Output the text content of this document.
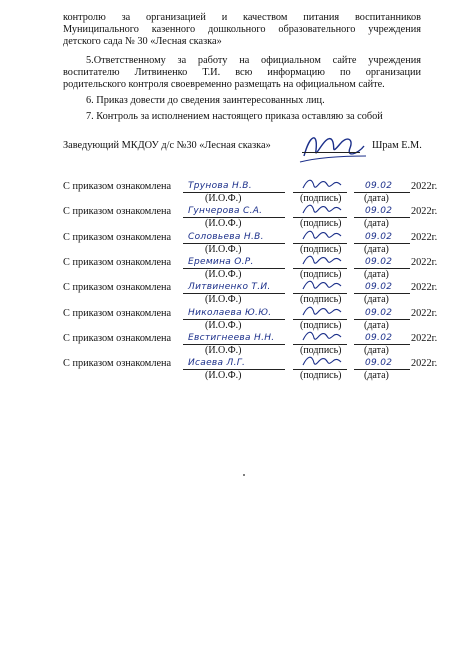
контролю за организацией и качеством питания воспитанников
Муниципального казенного дошкольного образовательного учреждения
детского сада № 30 «Лесная сказка»
5.Ответственному за работу на официальном сайте учреждения
воспитателю Литвиненко Т.И. всю информацию по организации
родительского контроля своевременно размещать на официальном сайте.
6. Приказ довести до сведения заинтересованных лиц.
7. Контроль за исполнением настоящего приказа оставляю за собой
Заведующий МКДОУ д/с №30 «Лесная сказка»	Шрам Е.М.
С приказом ознакомлена Трунова Н.В.	09.02 2022г.
(И.О.Ф.)	(подпись) (дата)
С приказом ознакомлена Гунчерова С.А.	09.02 2022г.
(И.О.Ф.)	(подпись) (дата)
С приказом ознакомлена Соловьева Н.В.	09.02 2022г.
(И.О.Ф.)	(подпись) (дата)
С приказом ознакомлена Еремина О.Р.	09.02 2022г.
(И.О.Ф.)	(подпись) (дата)
С приказом ознакомлена Литвиненко Т.И.	09.02 2022г.
(И.О.Ф.)	(подпись) (дата)
С приказом ознакомлена Николаева Ю.Ю.	09.02 2022г.
(И.О.Ф.)	(подпись) (дата)
С приказом ознакомлена Евстигнеева Н.Н.	09.02 2022г.
(И.О.Ф.)	(подпись) (дата)
С приказом ознакомлена Исаева Л.Г.	09.02 2022г.
(И.О.Ф.)	(подпись) (дата)
